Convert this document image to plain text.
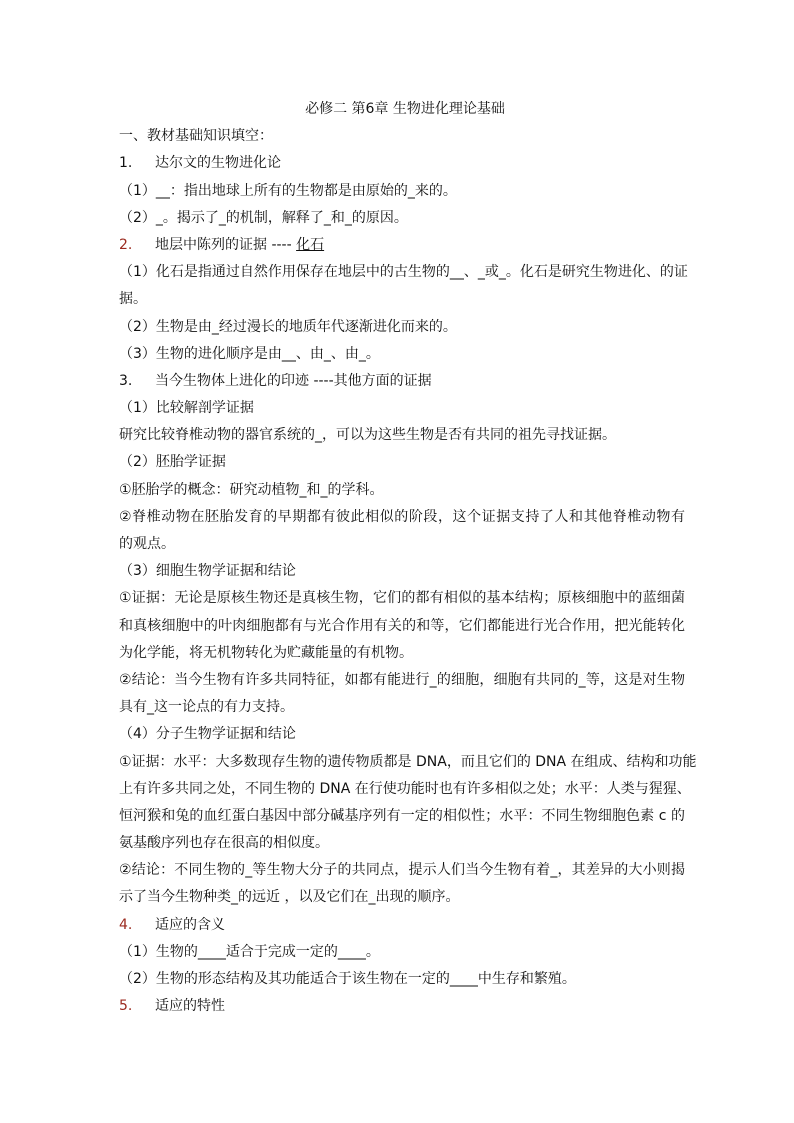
必修二 第6章 生物进化理论基础
一、教材基础知识填空：
1. 达尔文的生物进化论
（1）__：指出地球上所有的生物都是由原始的_来的。
（2）_。揭示了_的机制，解释了_和_的原因。
2. 地层中陈列的证据 ---- 化石
（1）化石是指通过自然作用保存在地层中的古生物的__、_或_。化石是研究生物进化、的证
据。
（2）生物是由_经过漫长的地质年代逐渐进化而来的。
（3）生物的进化顺序是由__、由_、由_。
3. 当今生物体上进化的印迹 ----其他方面的证据
（1）比较解剖学证据
研究比较脊椎动物的器官系统的_，可以为这些生物是否有共同的祖先寻找证据。
（2）胚胎学证据
①胚胎学的概念：研究动植物_和_的学科。
②脊椎动物在胚胎发育的早期都有彼此相似的阶段，这个证据支持了人和其他脊椎动物有
的观点。
（3）细胞生物学证据和结论
①证据：无论是原核生物还是真核生物，它们的都有相似的基本结构；原核细胞中的蓝细菌
和真核细胞中的叶肉细胞都有与光合作用有关的和等，它们都能进行光合作用，把光能转化
为化学能，将无机物转化为贮藏能量的有机物。
②结论：当今生物有许多共同特征，如都有能进行_的细胞，细胞有共同的_等，这是对生物
具有_这一论点的有力支持。
（4）分子生物学证据和结论
①证据：水平：大多数现存生物的遗传物质都是 DNA，而且它们的 DNA 在组成、结构和功能
上有许多共同之处，不同生物的 DNA 在行使功能时也有许多相似之处；水平：人类与猩猩、
恒河猴和兔的血红蛋白基因中部分碱基序列有一定的相似性；水平：不同生物细胞色素 c 的
氨基酸序列也存在很高的相似度。
②结论：不同生物的_等生物大分子的共同点，提示人们当今生物有着_，其差异的大小则揭
示了当今生物种类_的远近 ，以及它们在_出现的顺序。
4. 适应的含义
（1）生物的____适合于完成一定的____。
（2）生物的形态结构及其功能适合于该生物在一定的____中生存和繁殖。
5. 适应的特性
